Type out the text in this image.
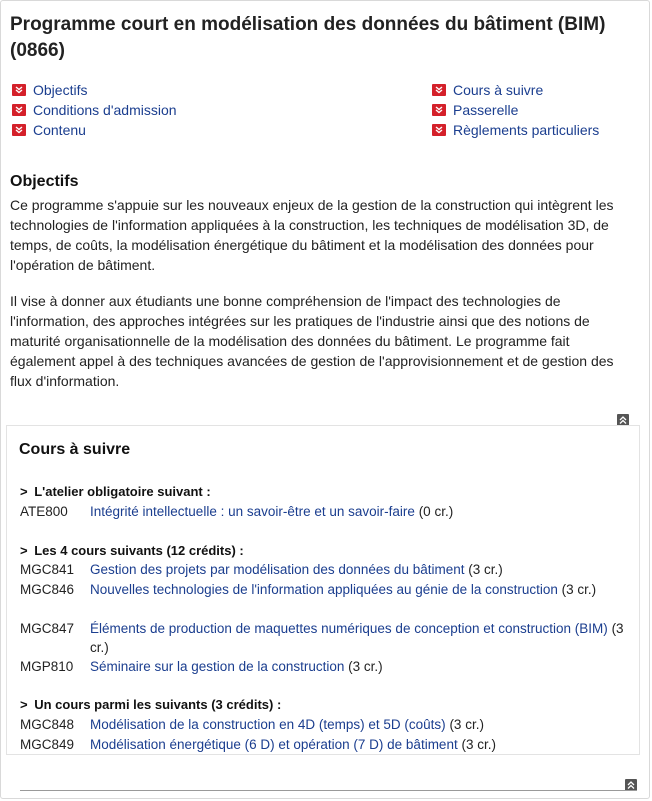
Programme court en modélisation des données du bâtiment (BIM) (0866)
Objectifs
Conditions d'admission
Contenu
Cours à suivre
Passerelle
Règlements particuliers
Objectifs

Ce programme s'appuie sur les nouveaux enjeux de la gestion de la construction qui intègrent les technologies de l'information appliquées à la construction, les techniques de modélisation 3D, de temps, de coûts, la modélisation énergétique du bâtiment et la modélisation des données pour l'opération de bâtiment.

Il vise à donner aux étudiants une bonne compréhension de l'impact des technologies de l'information, des approches intégrées sur les pratiques de l'industrie ainsi que des notions de maturité organisationnelle de la modélisation des données du bâtiment. Le programme fait également appel à des techniques avancées de gestion de l'approvisionnement et de gestion des flux d'information.

Cours à suivre
> L'atelier obligatoire suivant :
ATE800	Intégrité intellectuelle : un savoir-être et un savoir-faire (0 cr.)
> Les 4 cours suivants (12 crédits) :
MGC841	Gestion des projets par modélisation des données du bâtiment (3 cr.)
MGC846	Nouvelles technologies de l'information appliquées au génie de la construction (3 cr.)
MGC847	Éléments de production de maquettes numériques de conception et construction (BIM) (3 cr.)
MGP810	Séminaire sur la gestion de la construction (3 cr.)
> Un cours parmi les suivants (3 crédits) :
MGC848	Modélisation de la construction en 4D (temps) et 5D (coûts) (3 cr.)
MGC849	Modélisation énergétique (6 D) et opération (7 D) de bâtiment (3 cr.)
